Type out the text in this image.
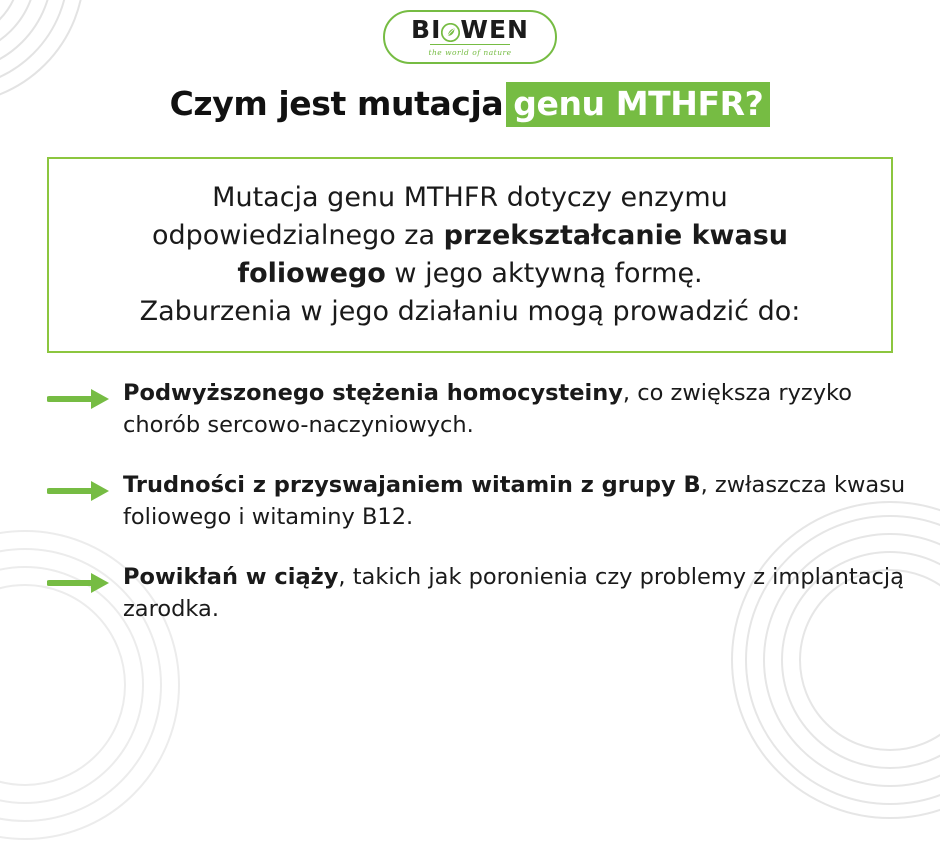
BI WEN
the world of nature
Czym jest mutacja genu MTHFR?
Mutacja genu MTHFR dotyczy enzymu
odpowiedzialnego za przekształcanie kwasu
foliowego w jego aktywną formę.
Zaburzenia w jego działaniu mogą prowadzić do:
Podwyższonego stężenia homocysteiny, co zwiększa ryzyko chorób sercowo-naczyniowych.
Trudności z przyswajaniem witamin z grupy B, zwłaszcza kwasu foliowego i witaminy B12.
Powikłań w ciąży, takich jak poronienia czy problemy z implantacją zarodka.
